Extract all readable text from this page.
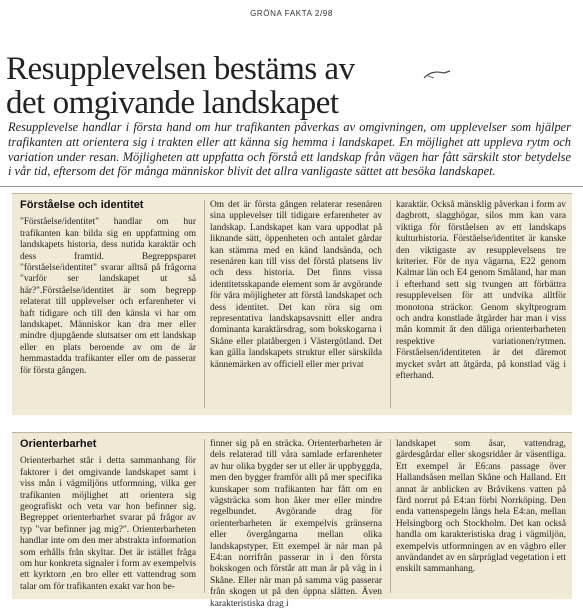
GRÖNA FAKTA 2/98
Resupplevelsen bestäms av
det omgivande landskapet

Resupplevelse handlar i första hand om hur trafikanten påverkas av omgivningen, om upplevelser som hjälper trafikanten att orientera sig i trakten eller att känna sig hemma i landskapet. En möjlighet att uppleva rytm och variation under resan. Möjligheten att uppfatta och förstå ett landskap från vägen har fått särskilt stor betydelse i vår tid, eftersom det för många människor blivit det allra vanligaste sättet att besöka landskapet.

Förståelse och identitet

"Förståelse/identitet" handlar om hur trafikanten kan bilda sig en uppfattning om landskapets historia, dess nutida karaktär och dess framtid. Begreppsparet "förståelse/identitet" svarar alltså på frågorna "varför ser landskapet ut så här?".Förståelse/identitet är som begrepp relaterat till upplevelser och erfarenheter vi haft tidigare och till den känsla vi har om landskapet. Människor kan dra mer eller mindre djupgående slutsatser om ett landskap eller en plats beroende av om de är hemmastadda trafikanter eller om de passerar för första gången.

Om det är första gången relaterar resenären sina upplevelser till tidigare erfarenheter av landskap. Landskapet kan vara uppodlat på liknande sätt, öppenheten och antalet gårdar kan stämma med en känd landsända, och resenären kan till viss del förstå platsens liv och dess historia. Det finns vissa identitetsskapande element som är avgörande för våra möjligheter att förstå landskapet och dess identitet. Det kan röra sig om representativa landskapsavsnitt eller andra dominanta karaktärsdrag, som bokskogarna i Skåne eller platåbergen i Västergötland. Det kan gälla landskapets struktur eller särskilda kännemärken av officiell eller mer privat

karaktär. Också mänsklig påverkan i form av dagbrott, slagghögar, silos mm kan vara viktiga för förståelsen av ett landskaps kulturhistoria. Förståelse/identitet är kanske den viktigaste av resupplevelsens tre kriterier. För de nya vägarna, E22 genom Kalmar län och E4 genom Småland, har man i efterhand sett sig tvungen att förbättra resupplevelsen för att undvika alltför monotona sträckor. Genom skyltprogram och andra konstlade åtgärder har man i viss mån kommit åt den dåliga orienterbarheten respektive variationen/rytmen. Förståelsen/identiteten är det däremot mycket svårt att åtgärda, på konstlad väg i efterhand.

Orienterbarhet

Orienterbarhet står i detta sammanhang för faktorer i det omgivande landskapet samt i viss mån i vägmiljöns utformning, vilka ger trafikanten möjlighet att orientera sig geografiskt och veta var hon befinner sig. Begreppet orienterbarhet svarar på frågor av typ "var befinner jag mig?". Orienterbarheten handlar inte om den mer abstrakta information som erhålls från skyltar. Det är istället fråga om hur konkreta signaler i form av exempelvis ett kyrktorn ,en bro eller ett vattendrag som talar om för trafikanten exakt var hon be-

finner sig på en sträcka. Orienterbarheten är dels relaterad till våra samlade erfarenheter av hur olika bygder ser ut eller är uppbyggda, men den bygger framför allt på mer specifika kunskaper som trafikanten har fått om en vägsträcka som hon åker mer eller mindre regelbundet. Avgörande drag för orienterbarheten är exempelvis gränserna eller övergångarna mellan olika landskapstyper. Ett exempel är när man på E4:an norrifrån passerar in i den första bokskogen och förstår att man är på väg in i Skåne. Eller när man på samma väg passerar från skogen ut på den öppna slätten. Även karakteristiska drag i

landskapet som åsar, vattendrag, gärdesgårdar eller skogsridåer är väsentliga. Ett exempel är E6:ans passage över Hallandsåsen mellan Skåne och Halland. Ett annat är anblicken av Bråvikens vatten på färd norrut på E4:an förbi Norrköping. Den enda vattenspegeln längs hela E4:an, mellan Helsingborg och Stockholm. Det kan också handla om karakteristiska drag i vägmiljön, exempelvis utformningen av en vägbro eller användandet av en särpräglad vegetation i ett enskilt sammanhang.
